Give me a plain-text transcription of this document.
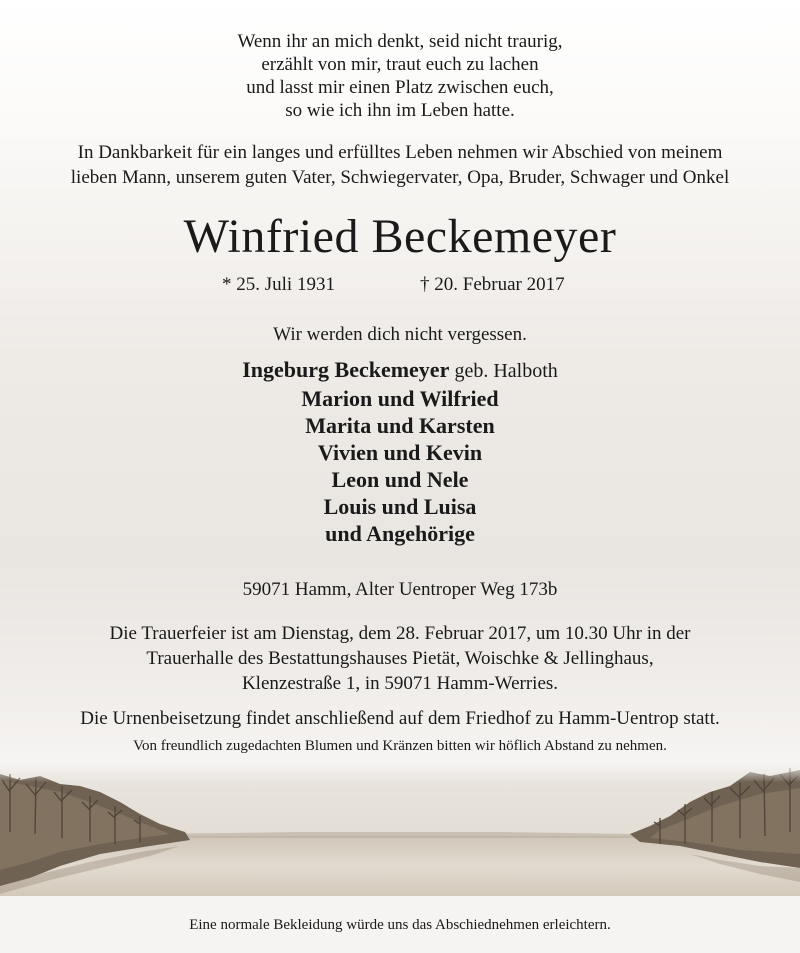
Wenn ihr an mich denkt, seid nicht traurig,
erzählt von mir, traut euch zu lachen
und lasst mir einen Platz zwischen euch,
so wie ich ihn im Leben hatte.
In Dankbarkeit für ein langes und erfülltes Leben nehmen wir Abschied von meinem
lieben Mann, unserem guten Vater, Schwiegervater, Opa, Bruder, Schwager und Onkel
Winfried Beckemeyer
* 25. Juli 1931	† 20. Februar 2017
Wir werden dich nicht vergessen.
Ingeburg Beckemeyer geb. Halboth
Marion und Wilfried
Marita und Karsten
Vivien und Kevin
Leon und Nele
Louis und Luisa
und Angehörige
59071 Hamm, Alter Uentroper Weg 173b
Die Trauerfeier ist am Dienstag, dem 28. Februar 2017, um 10.30 Uhr in der
Trauerhalle des Bestattungshauses Pietät, Woischke & Jellinghaus,
Klenzestraße 1, in 59071 Hamm-Werries.
Die Urnenbeisetzung findet anschließend auf dem Friedhof zu Hamm-Uentrop statt.
Von freundlich zugedachten Blumen und Kränzen bitten wir höflich Abstand zu nehmen.
Eine normale Bekleidung würde uns das Abschiednehmen erleichtern.
